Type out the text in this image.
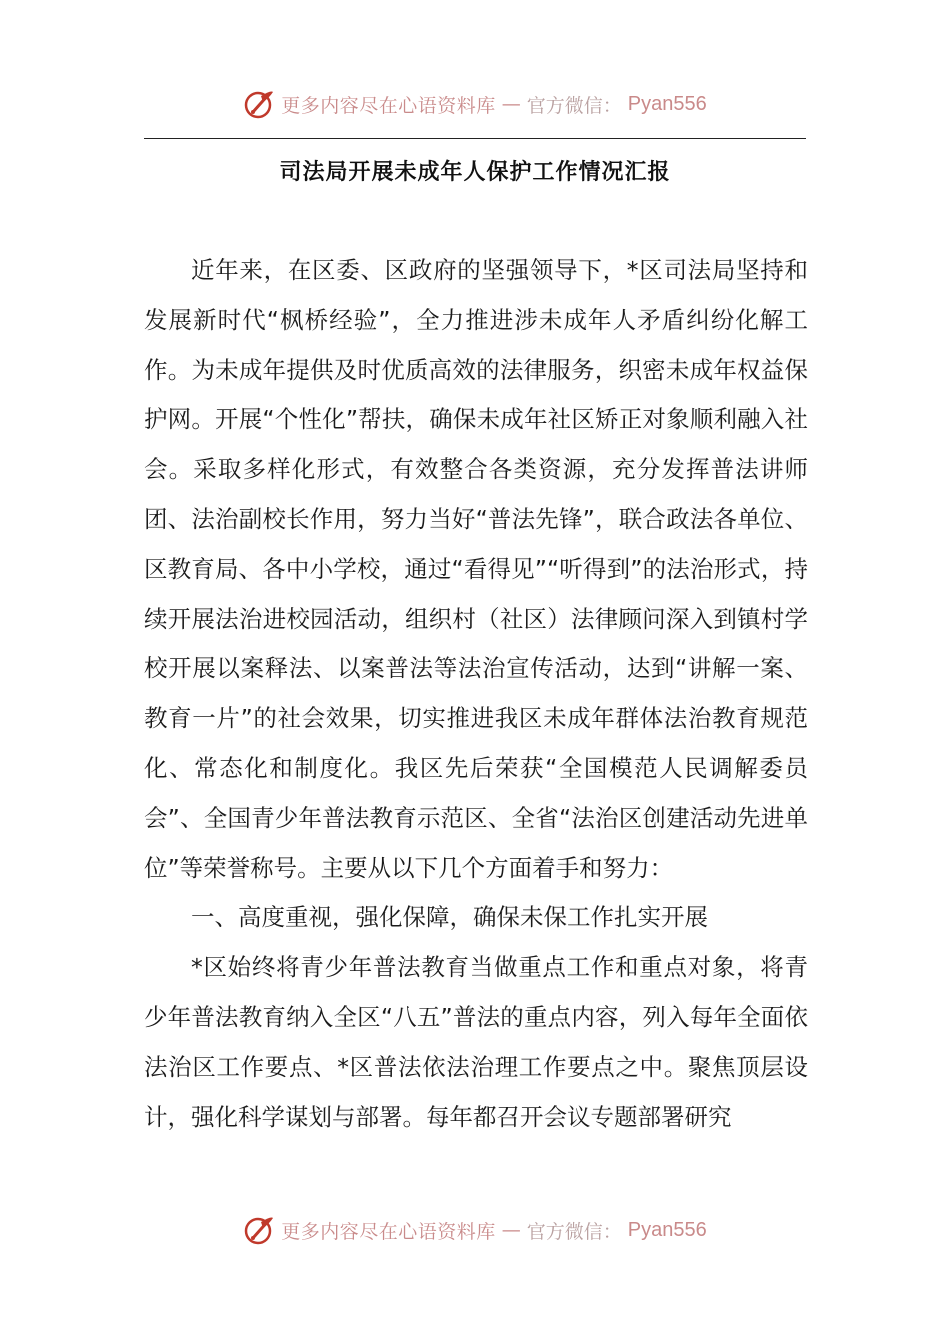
更多内容尽在心语资料库 — 官方微信： Pyan556
司法局开展未成年人保护工作情况汇报

近年来，在区委、区政府的坚强领导下，*区司法局坚持和发展新时代“枫桥经验”，全力推进涉未成年人矛盾纠纷化解工作。为未成年提供及时优质高效的法律服务，织密未成年权益保护网。开展“个性化”帮扶，确保未成年社区矫正对象顺利融入社会。采取多样化形式，有效整合各类资源，充分发挥普法讲师团、法治副校长作用，努力当好“普法先锋”，联合政法各单位、区教育局、各中小学校，通过“看得见”“听得到”的法治形式，持续开展法治进校园活动，组织村（社区）法律顾问深入到镇村学校开展以案释法、以案普法等法治宣传活动，达到“讲解一案、教育一片”的社会效果，切实推进我区未成年群体法治教育规范化、常态化和制度化。我区先后荣获“全国模范人民调解委员会”、全国青少年普法教育示范区、全省“法治区创建活动先进单位”等荣誉称号。主要从以下几个方面着手和努力：

一、高度重视，强化保障，确保未保工作扎实开展

*区始终将青少年普法教育当做重点工作和重点对象，将青少年普法教育纳入全区“八五”普法的重点内容，列入每年全面依法治区工作要点、*区普法依法治理工作要点之中。聚焦顶层设计，强化科学谋划与部署。每年都召开会议专题部署研究

更多内容尽在心语资料库 — 官方微信： Pyan556
